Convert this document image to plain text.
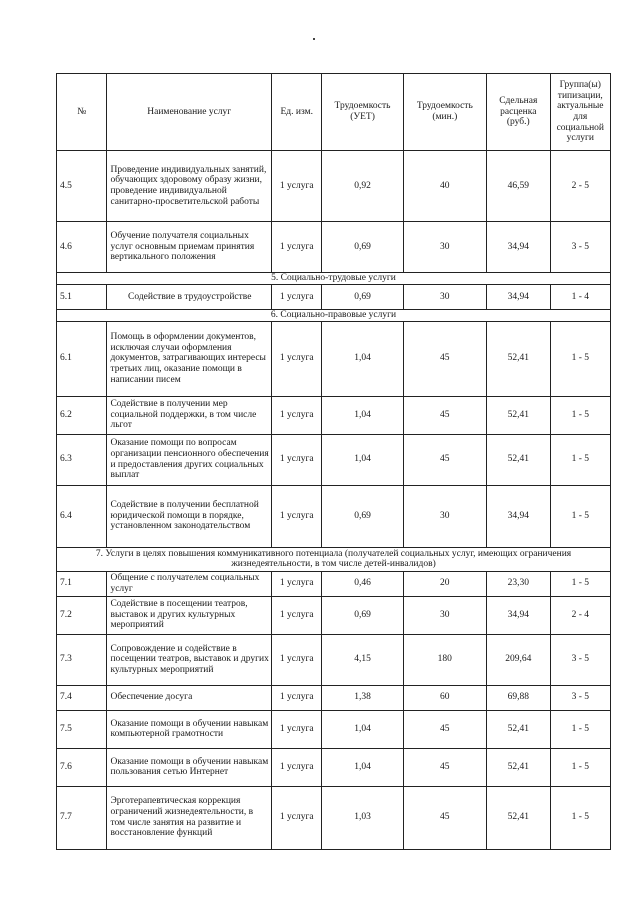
№	Наименование услуг	Ед. изм.	Трудоемкость (УЕТ)	Трудоемкость (мин.)	Сдельная расценка (руб.)	Группа(ы) типизации, актуальные для социальной услуги
4.5	Проведение индивидуальных занятий, обучающих здоровому образу жизни, проведение индивидуальной санитарно-просветительской работы	1 услуга	0,92	40	46,59	2 - 5
4.6	Обучение получателя социальных услуг основным приемам принятия вертикального положения	1 услуга	0,69	30	34,94	3 - 5
5. Социально-трудовые услуги						
5.1	Содействие в трудоустройстве	1 услуга	0,69	30	34,94	1 - 4
6. Социально-правовые услуги						
6.1	Помощь в оформлении документов, исключая случаи оформления документов, затрагивающих интересы третьих лиц, оказание помощи в написании писем	1 услуга	1,04	45	52,41	1 - 5
6.2	Содействие в получении мер социальной поддержки, в том числе льгот	1 услуга	1,04	45	52,41	1 - 5
6.3	Оказание помощи по вопросам организации пенсионного обеспечения и предоставления других социальных выплат	1 услуга	1,04	45	52,41	1 - 5
6.4	Содействие в получении бесплатной юридической помощи в порядке, установленном законодательством	1 услуга	0,69	30	34,94	1 - 5
7. Услуги в целях повышения коммуникативного потенциала (получателей социальных услуг, имеющих ограничения жизнедеятельности, в том числе детей-инвалидов)						
7.1	Общение с получателем социальных услуг	1 услуга	0,46	20	23,30	1 - 5
7.2	Содействие в посещении театров, выставок и других культурных мероприятий	1 услуга	0,69	30	34,94	2 - 4
7.3	Сопровождение и содействие в посещении театров, выставок и других культурных мероприятий	1 услуга	4,15	180	209,64	3 - 5
7.4	Обеспечение досуга	1 услуга	1,38	60	69,88	3 - 5
7.5	Оказание помощи в обучении навыкам компьютерной грамотности	1 услуга	1,04	45	52,41	1 - 5
7.6	Оказание помощи в обучении навыкам пользования сетью Интернет	1 услуга	1,04	45	52,41	1 - 5
7.7	Эрготерапевтическая коррекция ограничений жизнедеятельности, в том числе занятия на развитие и восстановление функций	1 услуга	1,03	45	52,41	1 - 5
